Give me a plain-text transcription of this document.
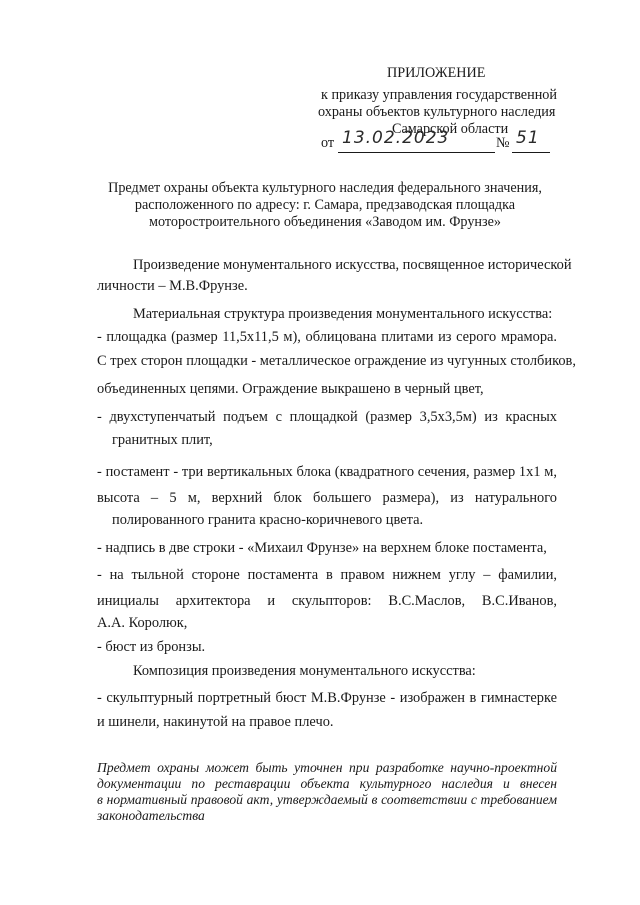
ПРИЛОЖЕНИЕ
к приказу управления государственной
охраны объектов культурного наследия
Самарской области
от 13.02.2023	№ 51
Предмет охраны объекта культурного наследия федерального значения,
расположенного по адресу: г. Самара, предзаводская площадка
моторостроительного объединения «Заводом им. Фрунзе»
Произведение монументального искусства, посвященное исторической
личности – М.В.Фрунзе.
Материальная структура произведения монументального искусства:
- площадка (размер 11,5х11,5 м), облицована плитами из серого мрамора.
С трех сторон площадки - металлическое ограждение из чугунных столбиков,
объединенных цепями. Ограждение выкрашено в черный цвет,
- двухступенчатый подъем с площадкой (размер 3,5х3,5м) из красных
гранитных плит,
- постамент - три вертикальных блока (квадратного сечения, размер 1х1 м,
высота – 5 м, верхний блок большего размера), из натурального
полированного гранита красно-коричневого цвета.
- надпись в две строки - «Михаил Фрунзе» на верхнем блоке постамента,
- на тыльной стороне постамента в правом нижнем углу – фамилии,
инициалы архитектора и скульпторов: В.С.Маслов, В.С.Иванов,
А.А. Королюк,
- бюст из бронзы.
Композиция произведения монументального искусства:
- скульптурный портретный бюст М.В.Фрунзе - изображен в гимнастерке
и шинели, накинутой на правое плечо.
Предмет охраны может быть уточнен при разработке научно-проектной
документации по реставрации объекта культурного наследия и внесен
в нормативный правовой акт, утверждаемый в соответствии с требованием
законодательства
